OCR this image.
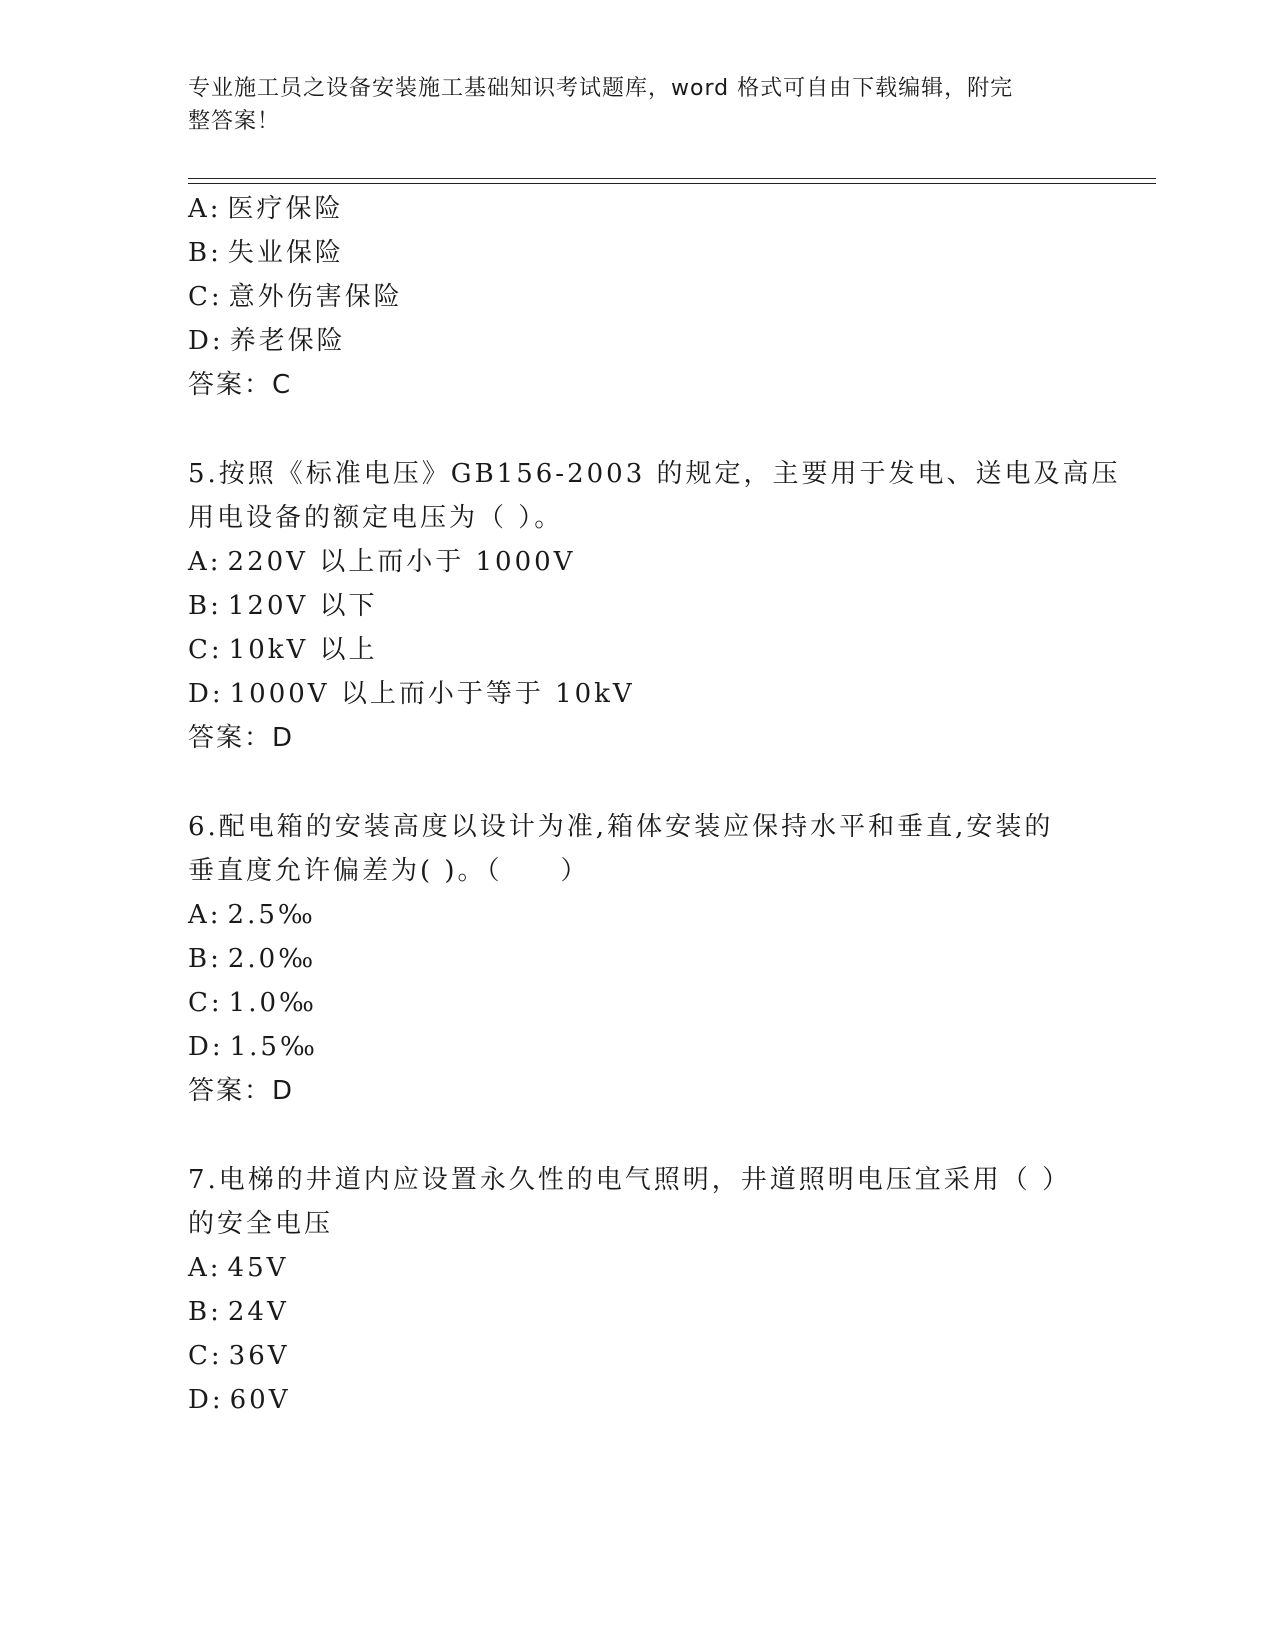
专业施工员之设备安装施工基础知识考试题库，word 格式可自由下载编辑，附完
整答案！
A: 医疗保险
B: 失业保险
C: 意外伤害保险
D: 养老保险
答案：C
5.按照《标准电压》GB156-2003 的规定，主要用于发电、送电及高压
用电设备的额定电压为（ ）。
A: 220V 以上而小于 1000V
B: 120V 以下
C: 10kV 以上
D: 1000V 以上而小于等于 10kV
答案：D
6.配电箱的安装高度以设计为准,箱体安装应保持水平和垂直,安装的
垂直度允许偏差为( )。（　　）
A: 2.5‰
B: 2.0‰
C: 1.0‰
D: 1.5‰
答案：D
7.电梯的井道内应设置永久性的电气照明，井道照明电压宜采用（ ）
的安全电压
A: 45V
B: 24V
C: 36V
D: 60V
